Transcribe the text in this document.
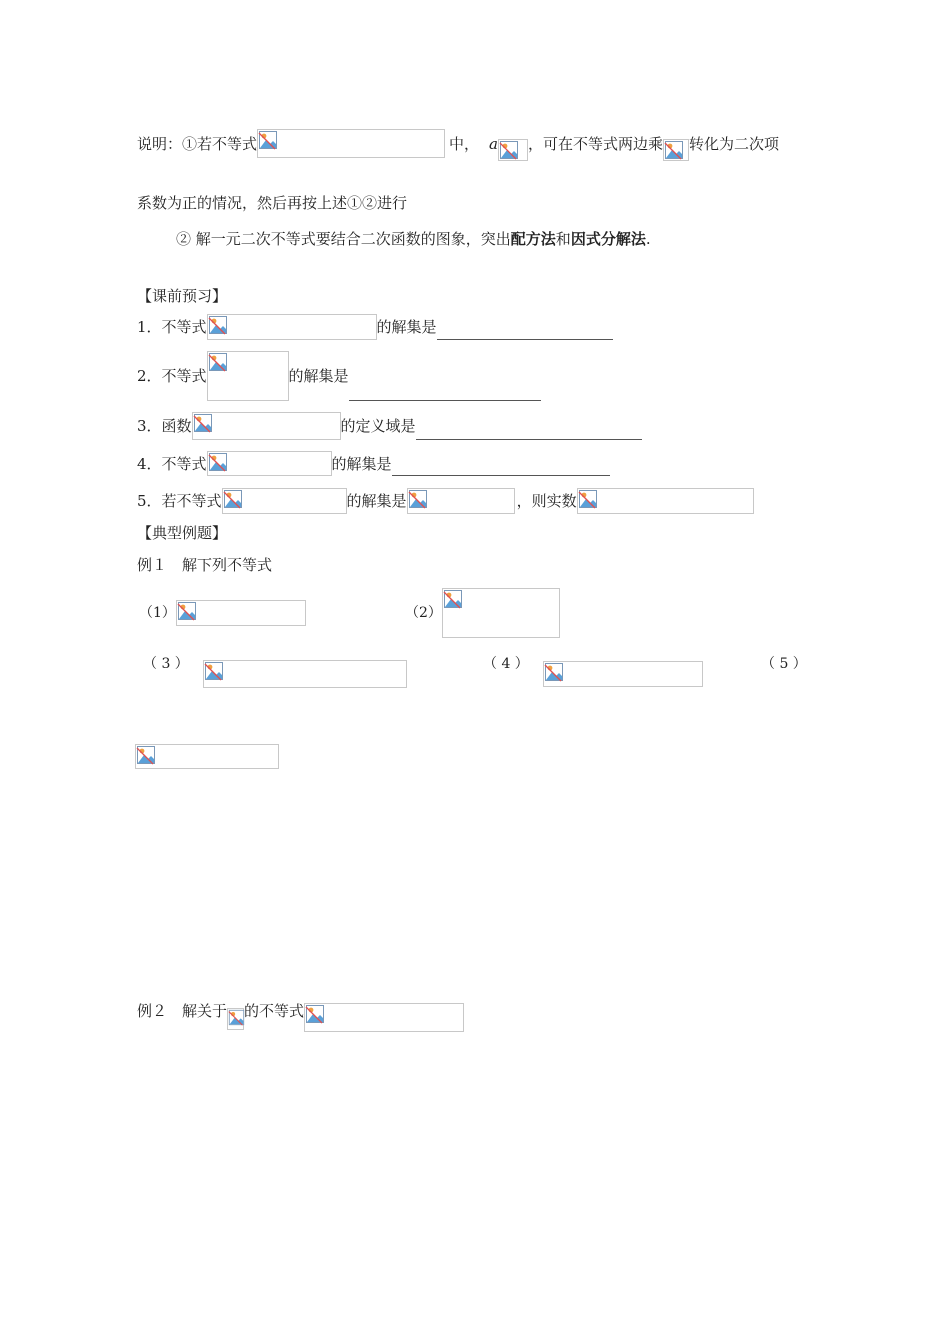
说明：①若不等式	中， a ，可在不等式两边乘 转化为二次项
系数为正的情况，然后再按上述①②进行
② 解一元二次不等式要结合二次函数的图象，突出配方法和因式分解法.
【课前预习】
1．不等式	的解集是
2．不等式	的解集是
3．函数	的定义域是
4．不等式	的解集是
5．若不等式	的解集是	，则实数
【典型例题】
例１　解下列不等式
（1）	（2）
（ 3 ）	（ 4 ）	（ 5 ）
例２　解关于 的不等式
